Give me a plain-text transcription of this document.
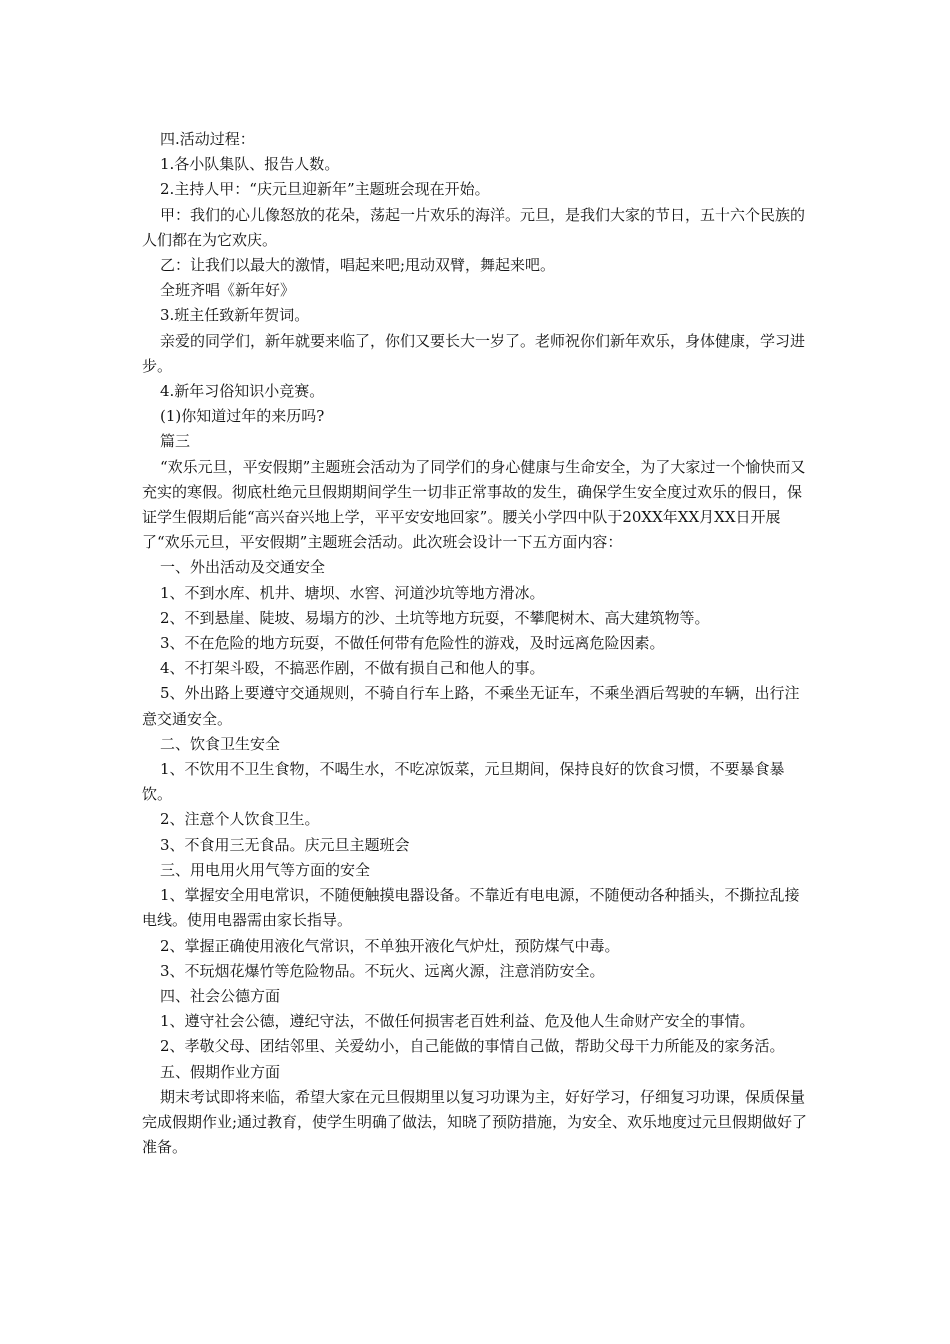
四.活动过程：

1.各小队集队、报告人数。

2.主持人甲：“庆元旦迎新年”主题班会现在开始。

甲：我们的心儿像怒放的花朵，荡起一片欢乐的海洋。元旦，是我们大家的节日，五十六个民族的人们都在为它欢庆。

乙：让我们以最大的激情，唱起来吧;甩动双臂，舞起来吧。

全班齐唱《新年好》

3.班主任致新年贺词。

亲爱的同学们，新年就要来临了，你们又要长大一岁了。老师祝你们新年欢乐，身体健康，学习进步。

4.新年习俗知识小竞赛。

(1)你知道过年的来历吗?

篇三

“欢乐元旦，平安假期”主题班会活动为了同学们的身心健康与生命安全，为了大家过一个愉快而又充实的寒假。彻底杜绝元旦假期期间学生一切非正常事故的发生，确保学生安全度过欢乐的假日，保证学生假期后能“高兴奋兴地上学，平平安安地回家”。腰关小学四中队于20XX年XX月XX日开展了“欢乐元旦，平安假期”主题班会活动。此次班会设计一下五方面内容：

一、外出活动及交通安全

1、不到水库、机井、塘坝、水窖、河道沙坑等地方滑冰。

2、不到悬崖、陡坡、易塌方的沙、土坑等地方玩耍，不攀爬树木、高大建筑物等。

3、不在危险的地方玩耍，不做任何带有危险性的游戏，及时远离危险因素。

4、不打架斗殴，不搞恶作剧，不做有损自己和他人的事。

5、外出路上要遵守交通规则，不骑自行车上路，不乘坐无证车，不乘坐酒后驾驶的车辆，出行注意交通安全。

二、饮食卫生安全

1、不饮用不卫生食物，不喝生水，不吃凉饭菜，元旦期间，保持良好的饮食习惯，不要暴食暴饮。

2、注意个人饮食卫生。

3、不食用三无食品。庆元旦主题班会

三、用电用火用气等方面的安全

1、掌握安全用电常识，不随便触摸电器设备。不靠近有电电源，不随便动各种插头，不撕拉乱接电线。使用电器需由家长指导。

2、掌握正确使用液化气常识，不单独开液化气炉灶，预防煤气中毒。

3、不玩烟花爆竹等危险物品。不玩火、远离火源，注意消防安全。

四、社会公德方面

1、遵守社会公德，遵纪守法，不做任何损害老百姓利益、危及他人生命财产安全的事情。

2、孝敬父母、团结邻里、关爱幼小，自己能做的事情自己做，帮助父母干力所能及的家务活。

五、假期作业方面

期末考试即将来临，希望大家在元旦假期里以复习功课为主，好好学习，仔细复习功课，保质保量完成假期作业;通过教育，使学生明确了做法，知晓了预防措施，为安全、欢乐地度过元旦假期做好了准备。
